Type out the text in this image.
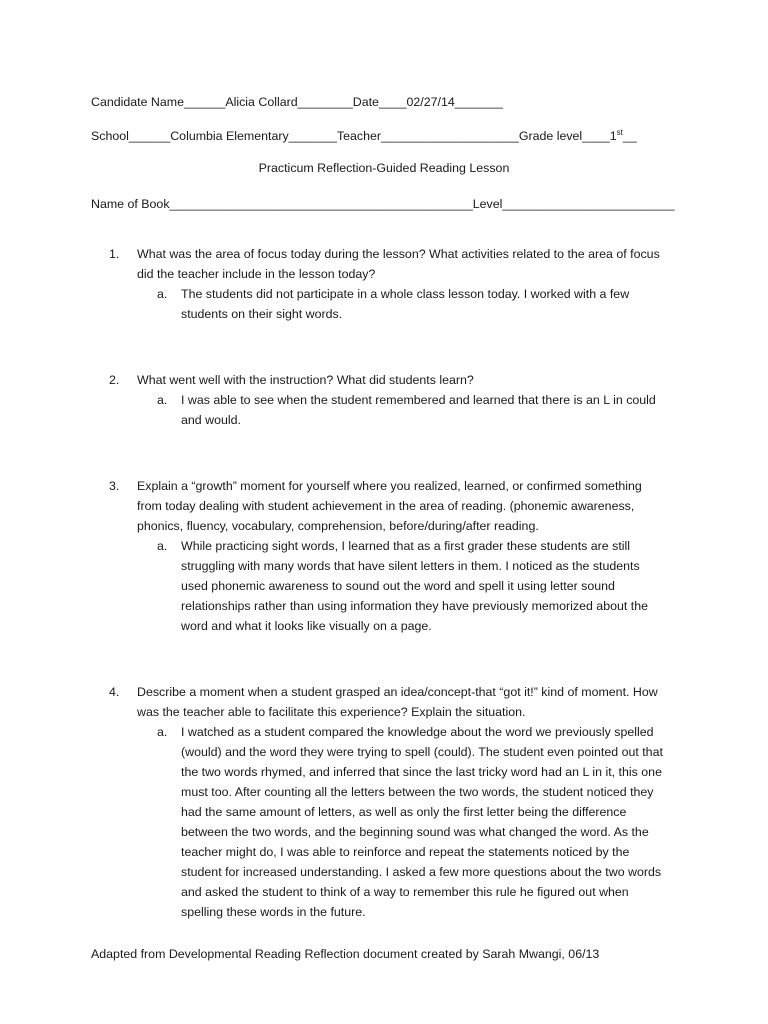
Candidate Name______Alicia Collard________Date____02/27/14_______
School______Columbia Elementary_______Teacher____________________Grade level____1st__
Practicum Reflection-Guided Reading Lesson
Name of Book____________________________________________Level_________________________
1. What was the area of focus today during the lesson? What activities related to the area of focus did the teacher include in the lesson today?
a. The students did not participate in a whole class lesson today. I worked with a few students on their sight words.
2. What went well with the instruction? What did students learn?
a. I was able to see when the student remembered and learned that there is an L in could and would.
3. Explain a “growth” moment for yourself where you realized, learned, or confirmed something from today dealing with student achievement in the area of reading. (phonemic awareness, phonics, fluency, vocabulary, comprehension, before/during/after reading.
a. While practicing sight words, I learned that as a first grader these students are still struggling with many words that have silent letters in them. I noticed as the students used phonemic awareness to sound out the word and spell it using letter sound relationships rather than using information they have previously memorized about the word and what it looks like visually on a page.
4. Describe a moment when a student grasped an idea/concept-that “got it!” kind of moment. How was the teacher able to facilitate this experience? Explain the situation.
a. I watched as a student compared the knowledge about the word we previously spelled (would) and the word they were trying to spell (could). The student even pointed out that the two words rhymed, and inferred that since the last tricky word had an L in it, this one must too. After counting all the letters between the two words, the student noticed they had the same amount of letters, as well as only the first letter being the difference between the two words, and the beginning sound was what changed the word. As the teacher might do, I was able to reinforce and repeat the statements noticed by the student for increased understanding. I asked a few more questions about the two words and asked the student to think of a way to remember this rule he figured out when spelling these words in the future.
Adapted from Developmental Reading Reflection document created by Sarah Mwangi, 06/13
